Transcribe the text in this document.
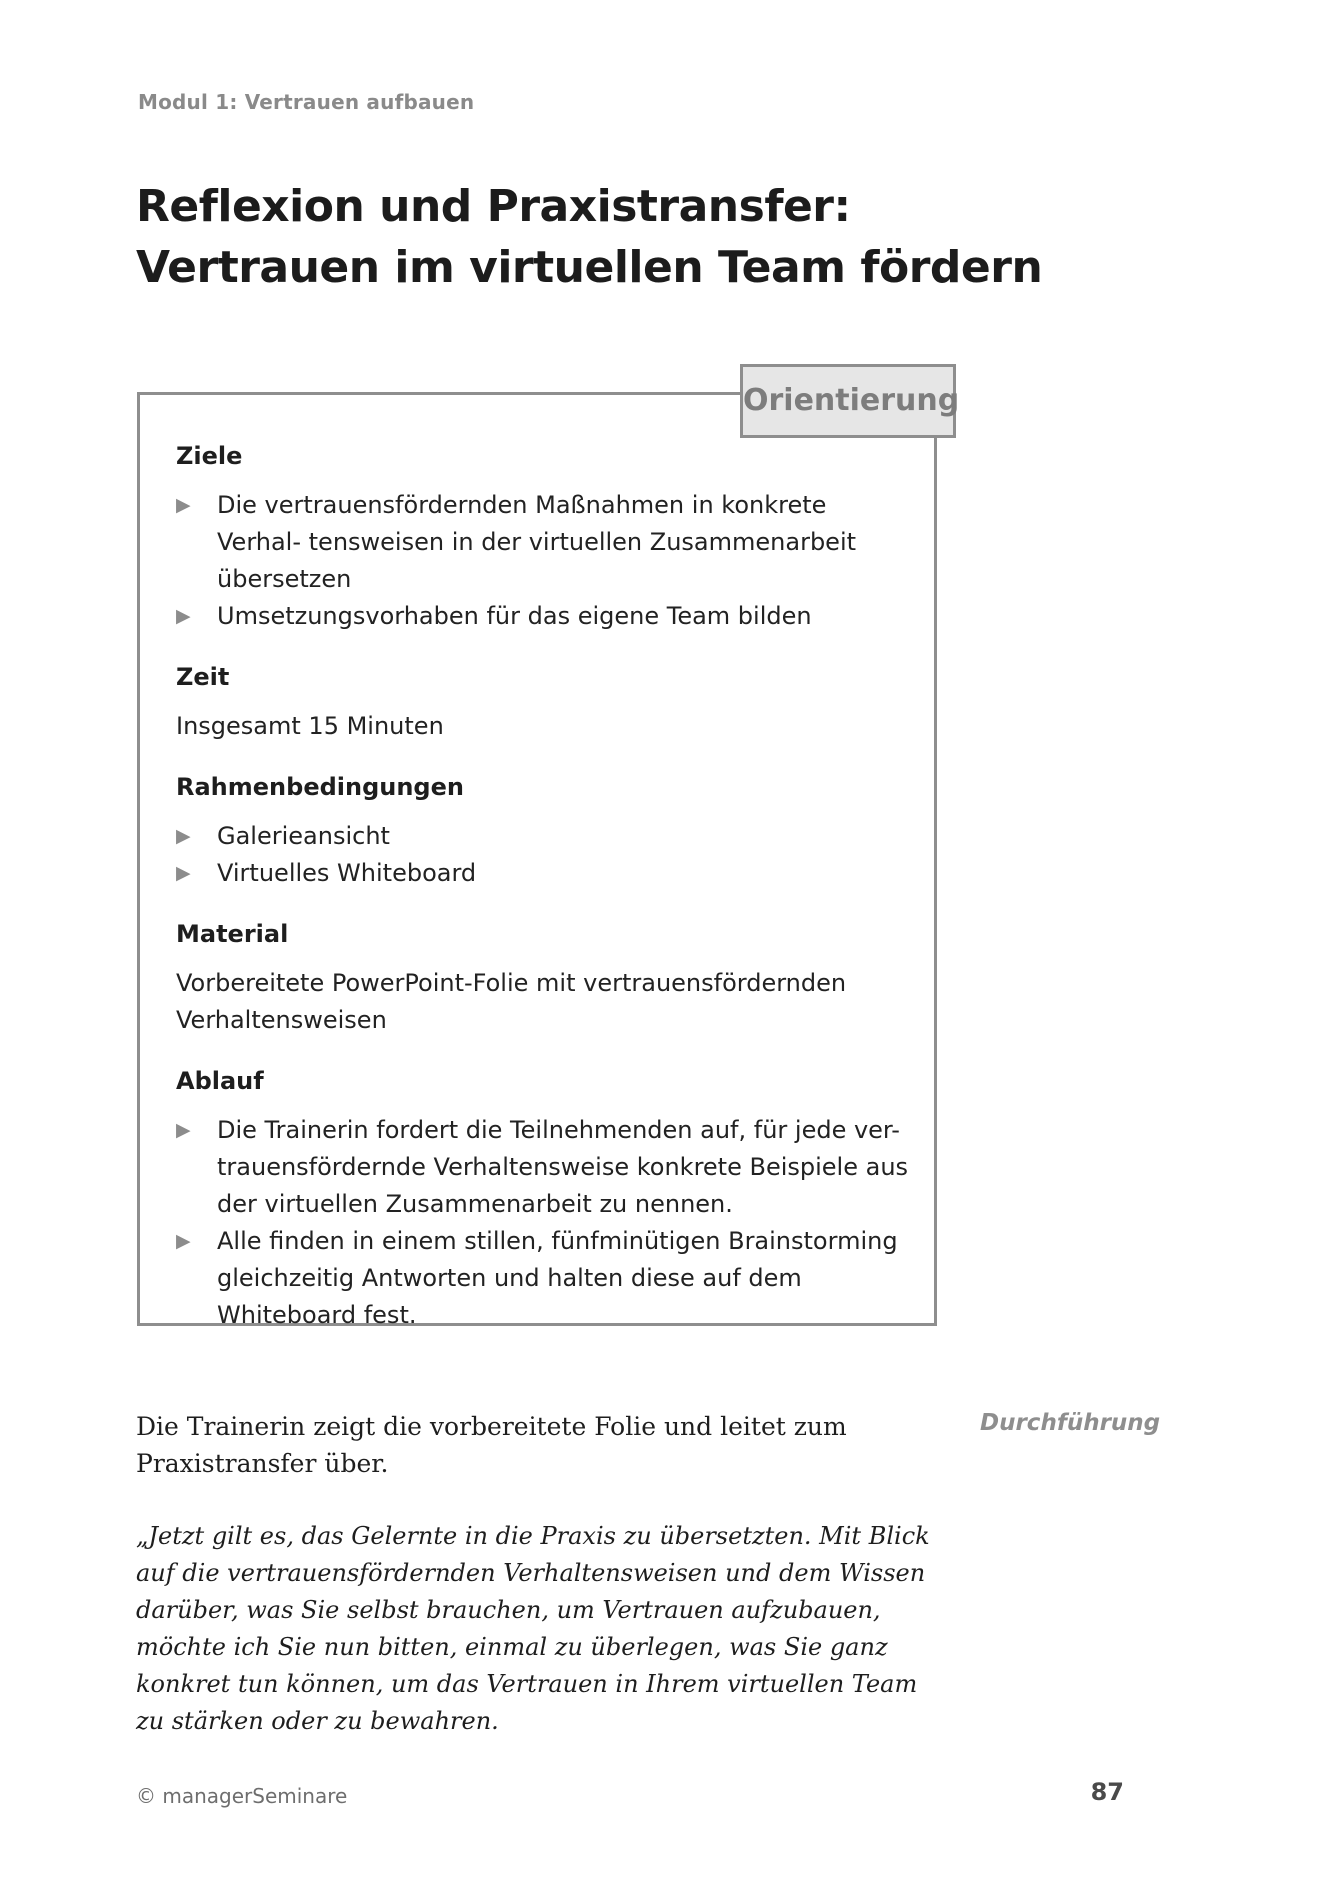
Modul 1: Vertrauen aufbauen
Reflexion und Praxistransfer:
Vertrauen im virtuellen Team fördern
Orientierung
Ziele
▶ Die vertrauensfördernden Maßnahmen in konkrete Verhal- tensweisen in der virtuellen Zusammenarbeit übersetzen
▶ Umsetzungsvorhaben für das eigene Team bilden
Zeit
Insgesamt 15 Minuten
Rahmenbedingungen
▶ Galerieansicht
▶ Virtuelles Whiteboard
Material
Vorbereitete PowerPoint-Folie mit vertrauensfördernden Verhaltensweisen
Ablauf
▶ Die Trainerin fordert die Teilnehmenden auf, für jede ver- trauensfördernde Verhaltensweise konkrete Beispiele aus der virtuellen Zusammenarbeit zu nennen.
▶ Alle finden in einem stillen, fünfminütigen Brainstorming gleichzeitig Antworten und halten diese auf dem Whiteboard fest.

Die Trainerin zeigt die vorbereitete Folie und leitet zum Praxistransfer über.

Durchführung

„Jetzt gilt es, das Gelernte in die Praxis zu übersetzten. Mit Blick auf die vertrauensfördernden Verhaltensweisen und dem Wissen darüber, was Sie selbst brauchen, um Vertrauen aufzubauen, möchte ich Sie nun bitten, einmal zu überlegen, was Sie ganz konkret tun können, um das Vertrauen in Ihrem virtuellen Team zu stärken oder zu bewahren.

© managerSeminare	87
